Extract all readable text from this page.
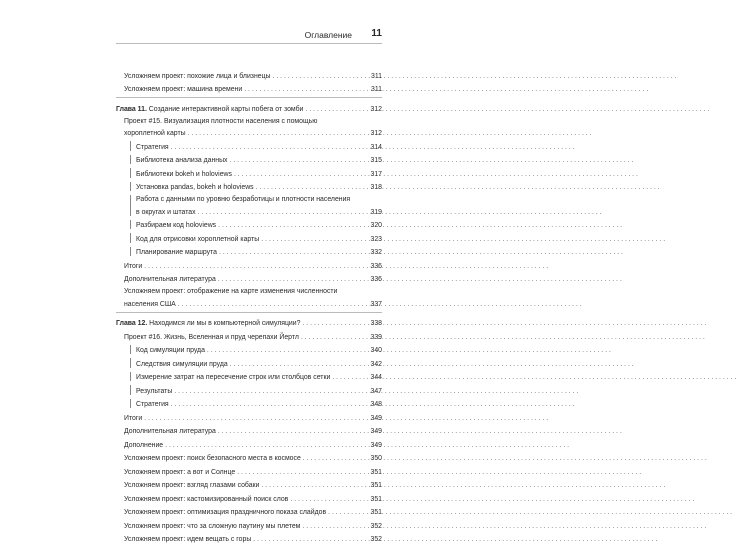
Оглавление 11
Усложняем проект: похожие лица и близнецы . . .	311
Усложняем проект: машина времени . . .	311
Глава 11. Создание интерактивной карты побега от зомби . . .	312
Проект #15. Визуализация плотности населения с помощью
хороплетной карты . . .	312
Стратегия . . .	314
Библиотека анализа данных . . .	315
Библиотеки bokeh и holoviews . . .	317
Установка pandas, bokeh и holoviews . . .	318
Работа с данными по уровню безработицы и плотности населения
в округах и штатах . . .	319
Разбираем код holoviews . . .	320
Код для отрисовки хороплетной карты . . .	323
Планирование маршрута . . .	332
Итоги . . .	336
Дополнительная литература . . .	336
Усложняем проект: отображение на карте изменения численности
населения США . . .	337
Глава 12. Находимся ли мы в компьютерной симуляции? . . .	338
Проект #16. Жизнь, Вселенная и пруд черепахи Йертл . . .	339
Код симуляции пруда . . .	340
Следствия симуляции пруда . . .	342
Измерение затрат на пересечение строк или столбцов сетки . . .	344
Результаты . . .	347
Стратегия . . .	348
Итоги . . .	349
Дополнительная литература . . .	349
Дополнение . . .	349
Усложняем проект: поиск безопасного места в космосе . . .	350
Усложняем проект: а вот и Солнце . . .	351
Усложняем проект: взгляд глазами собаки . . .	351
Усложняем проект: кастомизированный поиск слов . . .	351
Усложняем проект: оптимизация праздничного показа слайдов . . .	351
Усложняем проект: что за сложную паутину мы плетем . . .	352
Усложняем проект: идем вещать с горы . . .	352
